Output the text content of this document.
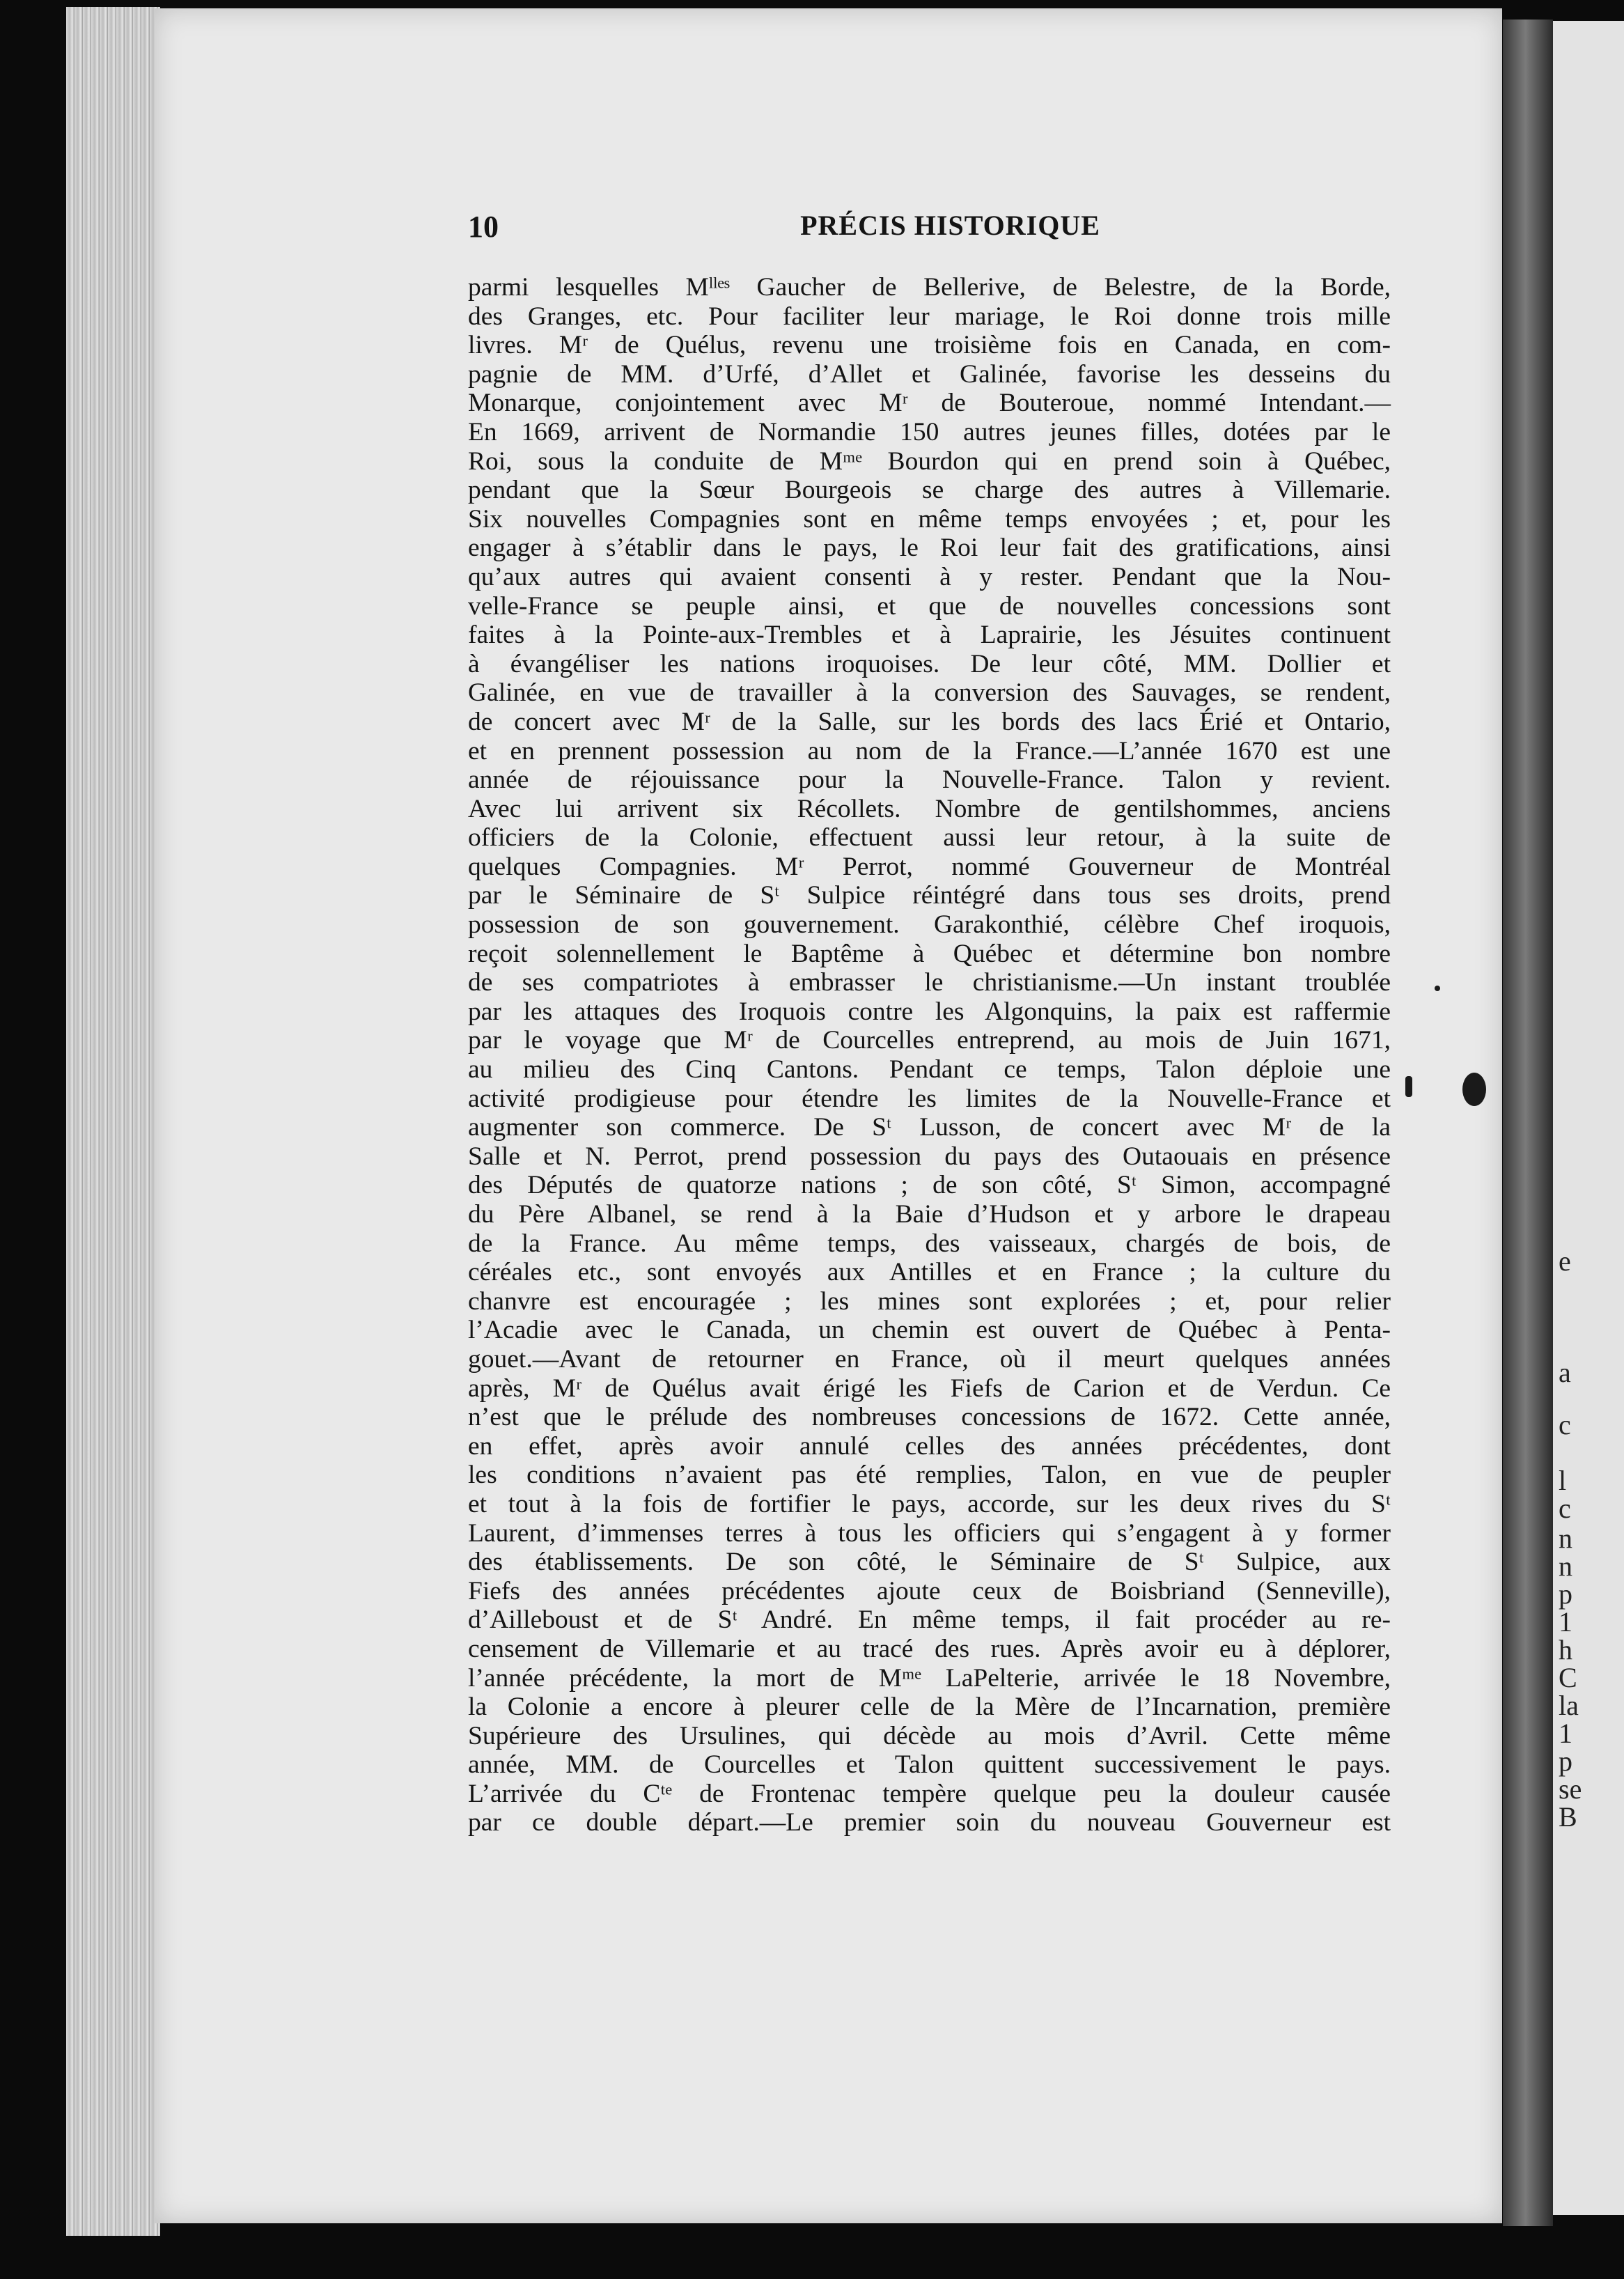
e
a
c
l
c
n
n
p
1
h
C
la
1
p
se
B
10	PRÉCIS HISTORIQUE
parmi lesquelles Mˡˡᵉˢ Gaucher de Bellerive, de Belestre, de la Borde,
des Granges, etc. Pour faciliter leur mariage, le Roi donne trois mille
livres. Mʳ de Quélus, revenu une troisième fois en Canada, en com-
pagnie de MM. d’Urfé, d’Allet et Galinée, favorise les desseins du
Monarque, conjointement avec Mʳ de Bouteroue, nommé Intendant.—
En 1669, arrivent de Normandie 150 autres jeunes filles, dotées par le
Roi, sous la conduite de Mᵐᵉ Bourdon qui en prend soin à Québec,
pendant que la Sœur Bourgeois se charge des autres à Villemarie.
Six nouvelles Compagnies sont en même temps envoyées ; et, pour les
engager à s’établir dans le pays, le Roi leur fait des gratifications, ainsi
qu’aux autres qui avaient consenti à y rester. Pendant que la Nou-
velle-France se peuple ainsi, et que de nouvelles concessions sont
faites à la Pointe-aux-Trembles et à Laprairie, les Jésuites continuent
à évangéliser les nations iroquoises. De leur côté, MM. Dollier et
Galinée, en vue de travailler à la conversion des Sauvages, se rendent,
de concert avec Mʳ de la Salle, sur les bords des lacs Érié et Ontario,
et en prennent possession au nom de la France.—L’année 1670 est une
année de réjouissance pour la Nouvelle-France. Talon y revient.
Avec lui arrivent six Récollets. Nombre de gentilshommes, anciens
officiers de la Colonie, effectuent aussi leur retour, à la suite de
quelques Compagnies. Mʳ Perrot, nommé Gouverneur de Montréal
par le Séminaire de Sᵗ Sulpice réintégré dans tous ses droits, prend
possession de son gouvernement. Garakonthié, célèbre Chef iroquois,
reçoit solennellement le Baptême à Québec et détermine bon nombre
de ses compatriotes à embrasser le christianisme.—Un instant troublée
par les attaques des Iroquois contre les Algonquins, la paix est raffermie
par le voyage que Mʳ de Courcelles entreprend, au mois de Juin 1671,
au milieu des Cinq Cantons. Pendant ce temps, Talon déploie une
activité prodigieuse pour étendre les limites de la Nouvelle-France et
augmenter son commerce. De Sᵗ Lusson, de concert avec Mʳ de la
Salle et N. Perrot, prend possession du pays des Outaouais en présence
des Députés de quatorze nations ; de son côté, Sᵗ Simon, accompagné
du Père Albanel, se rend à la Baie d’Hudson et y arbore le drapeau
de la France. Au même temps, des vaisseaux, chargés de bois, de
céréales etc., sont envoyés aux Antilles et en France ; la culture du
chanvre est encouragée ; les mines sont explorées ; et, pour relier
l’Acadie avec le Canada, un chemin est ouvert de Québec à Penta-
gouet.—Avant de retourner en France, où il meurt quelques années
après, Mʳ de Quélus avait érigé les Fiefs de Carion et de Verdun. Ce
n’est que le prélude des nombreuses concessions de 1672. Cette année,
en effet, après avoir annulé celles des années précédentes, dont
les conditions n’avaient pas été remplies, Talon, en vue de peupler
et tout à la fois de fortifier le pays, accorde, sur les deux rives du Sᵗ
Laurent, d’immenses terres à tous les officiers qui s’engagent à y former
des établissements. De son côté, le Séminaire de Sᵗ Sulpice, aux
Fiefs des années précédentes ajoute ceux de Boisbriand (Senneville),
d’Ailleboust et de Sᵗ André. En même temps, il fait procéder au re-
censement de Villemarie et au tracé des rues. Après avoir eu à déplorer,
l’année précédente, la mort de Mᵐᵉ LaPelterie, arrivée le 18 Novembre,
la Colonie a encore à pleurer celle de la Mère de l’Incarnation, première
Supérieure des Ursulines, qui décède au mois d’Avril. Cette même
année, MM. de Courcelles et Talon quittent successivement le pays.
L’arrivée du Cᵗᵉ de Frontenac tempère quelque peu la douleur causée
par ce double départ.—Le premier soin du nouveau Gouverneur est
